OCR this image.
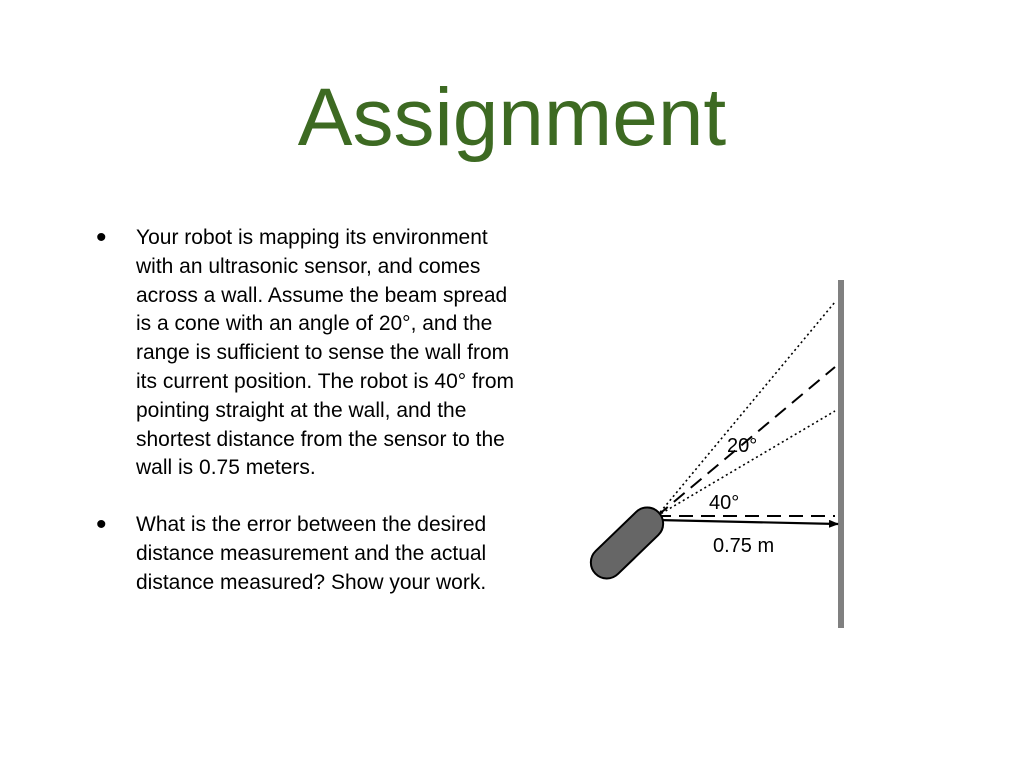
Assignment
• Your robot is mapping its environment with an ultrasonic sensor, and comes across a wall. Assume the beam spread is a cone with an angle of 20°, and the range is sufficient to sense the wall from its current position. The robot is 40° from pointing straight at the wall, and the shortest distance from the sensor to the wall is 0.75 meters.
• What is the error between the desired distance measurement and the actual distance measured? Show your work.
20°
40°
0.75 m
